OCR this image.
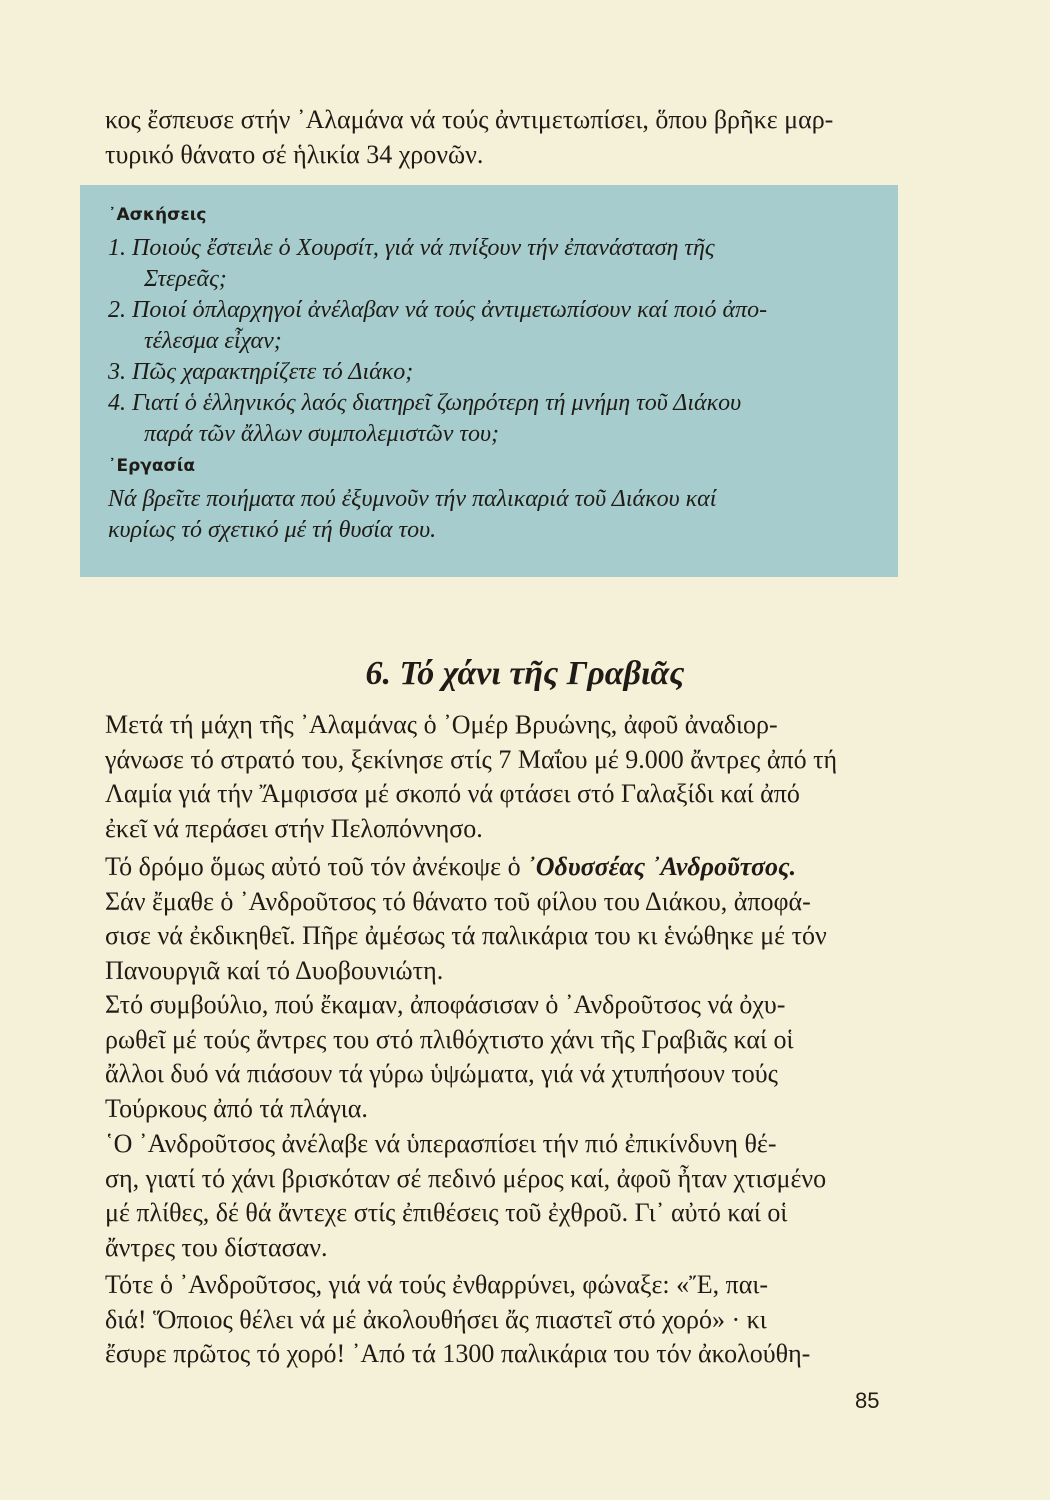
κος ἔσπευσε στήν ᾿Αλαμάνα νά τούς ἀντιμετωπίσει, ὅπου βρῆκε μαρ-
τυρικό θάνατο σέ ἡλικία 34 χρονῶν.

᾿Ασκήσεις

1. Ποιούς ἔστειλε ὁ Χουρσίτ, γιά νά πνίξουν τήν ἐπανάσταση τῆς

Στερεᾶς;

2. Ποιοί ὁπλαρχηγοί ἀνέλαβαν νά τούς ἀντιμετωπίσουν καί ποιό ἀπο-

τέλεσμα εἶχαν;

3. Πῶς χαρακτηρίζετε τό Διάκο;

4. Γιατί ὁ ἑλληνικός λαός διατηρεῖ ζωηρότερη τή μνήμη τοῦ Διάκου

παρά τῶν ἄλλων συμπολεμιστῶν του;

᾿Εργασία

Νά βρεῖτε ποιήματα πού ἐξυμνοῦν τήν παλικαριά τοῦ Διάκου καί

κυρίως τό σχετικό μέ τή θυσία του.

6. Τό χάνι τῆς Γραβιᾶς

Μετά τή μάχη τῆς ᾿Αλαμάνας ὁ ᾿Ομέρ Βρυώνης, ἀφοῦ ἀναδιορ-
γάνωσε τό στρατό του, ξεκίνησε στίς 7 Μαΐου μέ 9.000 ἄντρες ἀπό τή
Λαμία γιά τήν Ἄμφισσα μέ σκοπό νά φτάσει στό Γαλαξίδι καί ἀπό
ἐκεῖ νά περάσει στήν Πελοπόννησο.

Τό δρόμο ὅμως αὐτό τοῦ τόν ἀνέκοψε ὁ ᾿Οδυσσέας ᾿Ανδροῦτσος.
Σάν ἔμαθε ὁ ᾿Ανδροῦτσος τό θάνατο τοῦ φίλου του Διάκου, ἀποφά-
σισε νά ἐκδικηθεῖ. Πῆρε ἀμέσως τά παλικάρια του κι ἑνώθηκε μέ τόν
Πανουργιᾶ καί τό Δυοβουνιώτη.

Στό συμβούλιο, πού ἔκαμαν, ἀποφάσισαν ὁ ᾿Ανδροῦτσος νά ὀχυ-
ρωθεῖ μέ τούς ἄντρες του στό πλιθόχτιστο χάνι τῆς Γραβιᾶς καί οἱ
ἄλλοι δυό νά πιάσουν τά γύρω ὑψώματα, γιά νά χτυπήσουν τούς
Τούρκους ἀπό τά πλάγια.

῾Ο ᾿Ανδροῦτσος ἀνέλαβε νά ὑπερασπίσει τήν πιό ἐπικίνδυνη θέ-
ση, γιατί τό χάνι βρισκόταν σέ πεδινό μέρος καί, ἀφοῦ ἦταν χτισμένο
μέ πλίθες, δέ θά ἄντεχε στίς ἐπιθέσεις τοῦ ἐχθροῦ. Γι᾿ αὐτό καί οἱ
ἄντρες του δίστασαν.

Τότε ὁ ᾿Ανδροῦτσος, γιά νά τούς ἐνθαρρύνει, φώναξε: «Ἔ, παι-
διά! Ὅποιος θέλει νά μέ ἀκολουθήσει ἄς πιαστεῖ στό χορό» · κι
ἔσυρε πρῶτος τό χορό! ᾿Από τά 1300 παλικάρια του τόν ἀκολούθη-

85
